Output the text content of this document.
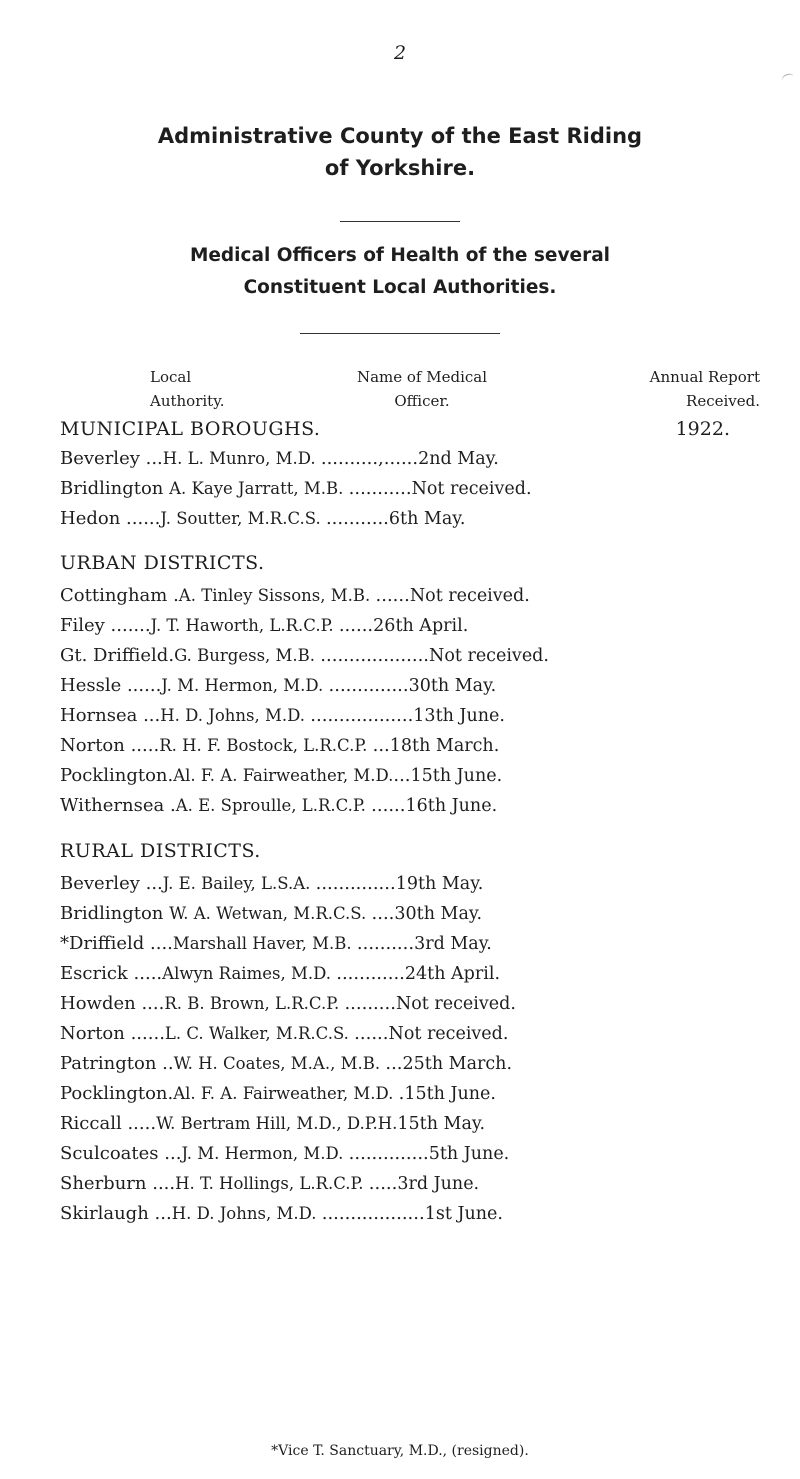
2
Administrative County of the East Riding
of Yorkshire.
Medical Officers of Health of the several
Constituent Local Authorities.
Local
Authority.
Name of Medical
Officer.
Annual Report
Received.
MUNICIPAL BOROUGHS.	1922.
Beverley ...H. L. Munro, M.D. ..........,......2nd May.
Bridlington A. Kaye Jarratt, M.B. ...........Not received.
Hedon ......J. Soutter, M.R.C.S. ...........6th May.
URBAN DISTRICTS.
Cottingham .A. Tinley Sissons, M.B. ......Not received.
Filey .......J. T. Haworth, L.R.C.P. ......26th April.
Gt. Driffield.G. Burgess, M.B. ...................Not received.
Hessle ......J. M. Hermon, M.D. ..............30th May.
Hornsea ...H. D. Johns, M.D. ..................13th June.
Norton .....R. H. F. Bostock, L.R.C.P. ...18th March.
Pocklington.Al. F. A. Fairweather, M.D....15th June.
Withernsea .A. E. Sproulle, L.R.C.P. ......16th June.
RURAL DISTRICTS.
Beverley ...J. E. Bailey, L.S.A. ..............19th May.
Bridlington W. A. Wetwan, M.R.C.S. ....30th May.
*Driffield ....Marshall Haver, M.B. ..........3rd May.
Escrick .....Alwyn Raimes, M.D. ............24th April.
Howden ....R. B. Brown, L.R.C.P. .........Not received.
Norton ......L. C. Walker, M.R.C.S. ......Not received.
Patrington ..W. H. Coates, M.A., M.B. ...25th March.
Pocklington.Al. F. A. Fairweather, M.D. .15th June.
Riccall .....W. Bertram Hill, M.D., D.P.H.15th May.
Sculcoates ...J. M. Hermon, M.D. ..............5th June.
Sherburn ....H. T. Hollings, L.R.C.P. .....3rd June.
Skirlaugh ...H. D. Johns, M.D. ..................1st June.
*Vice T. Sanctuary, M.D., (resigned).
